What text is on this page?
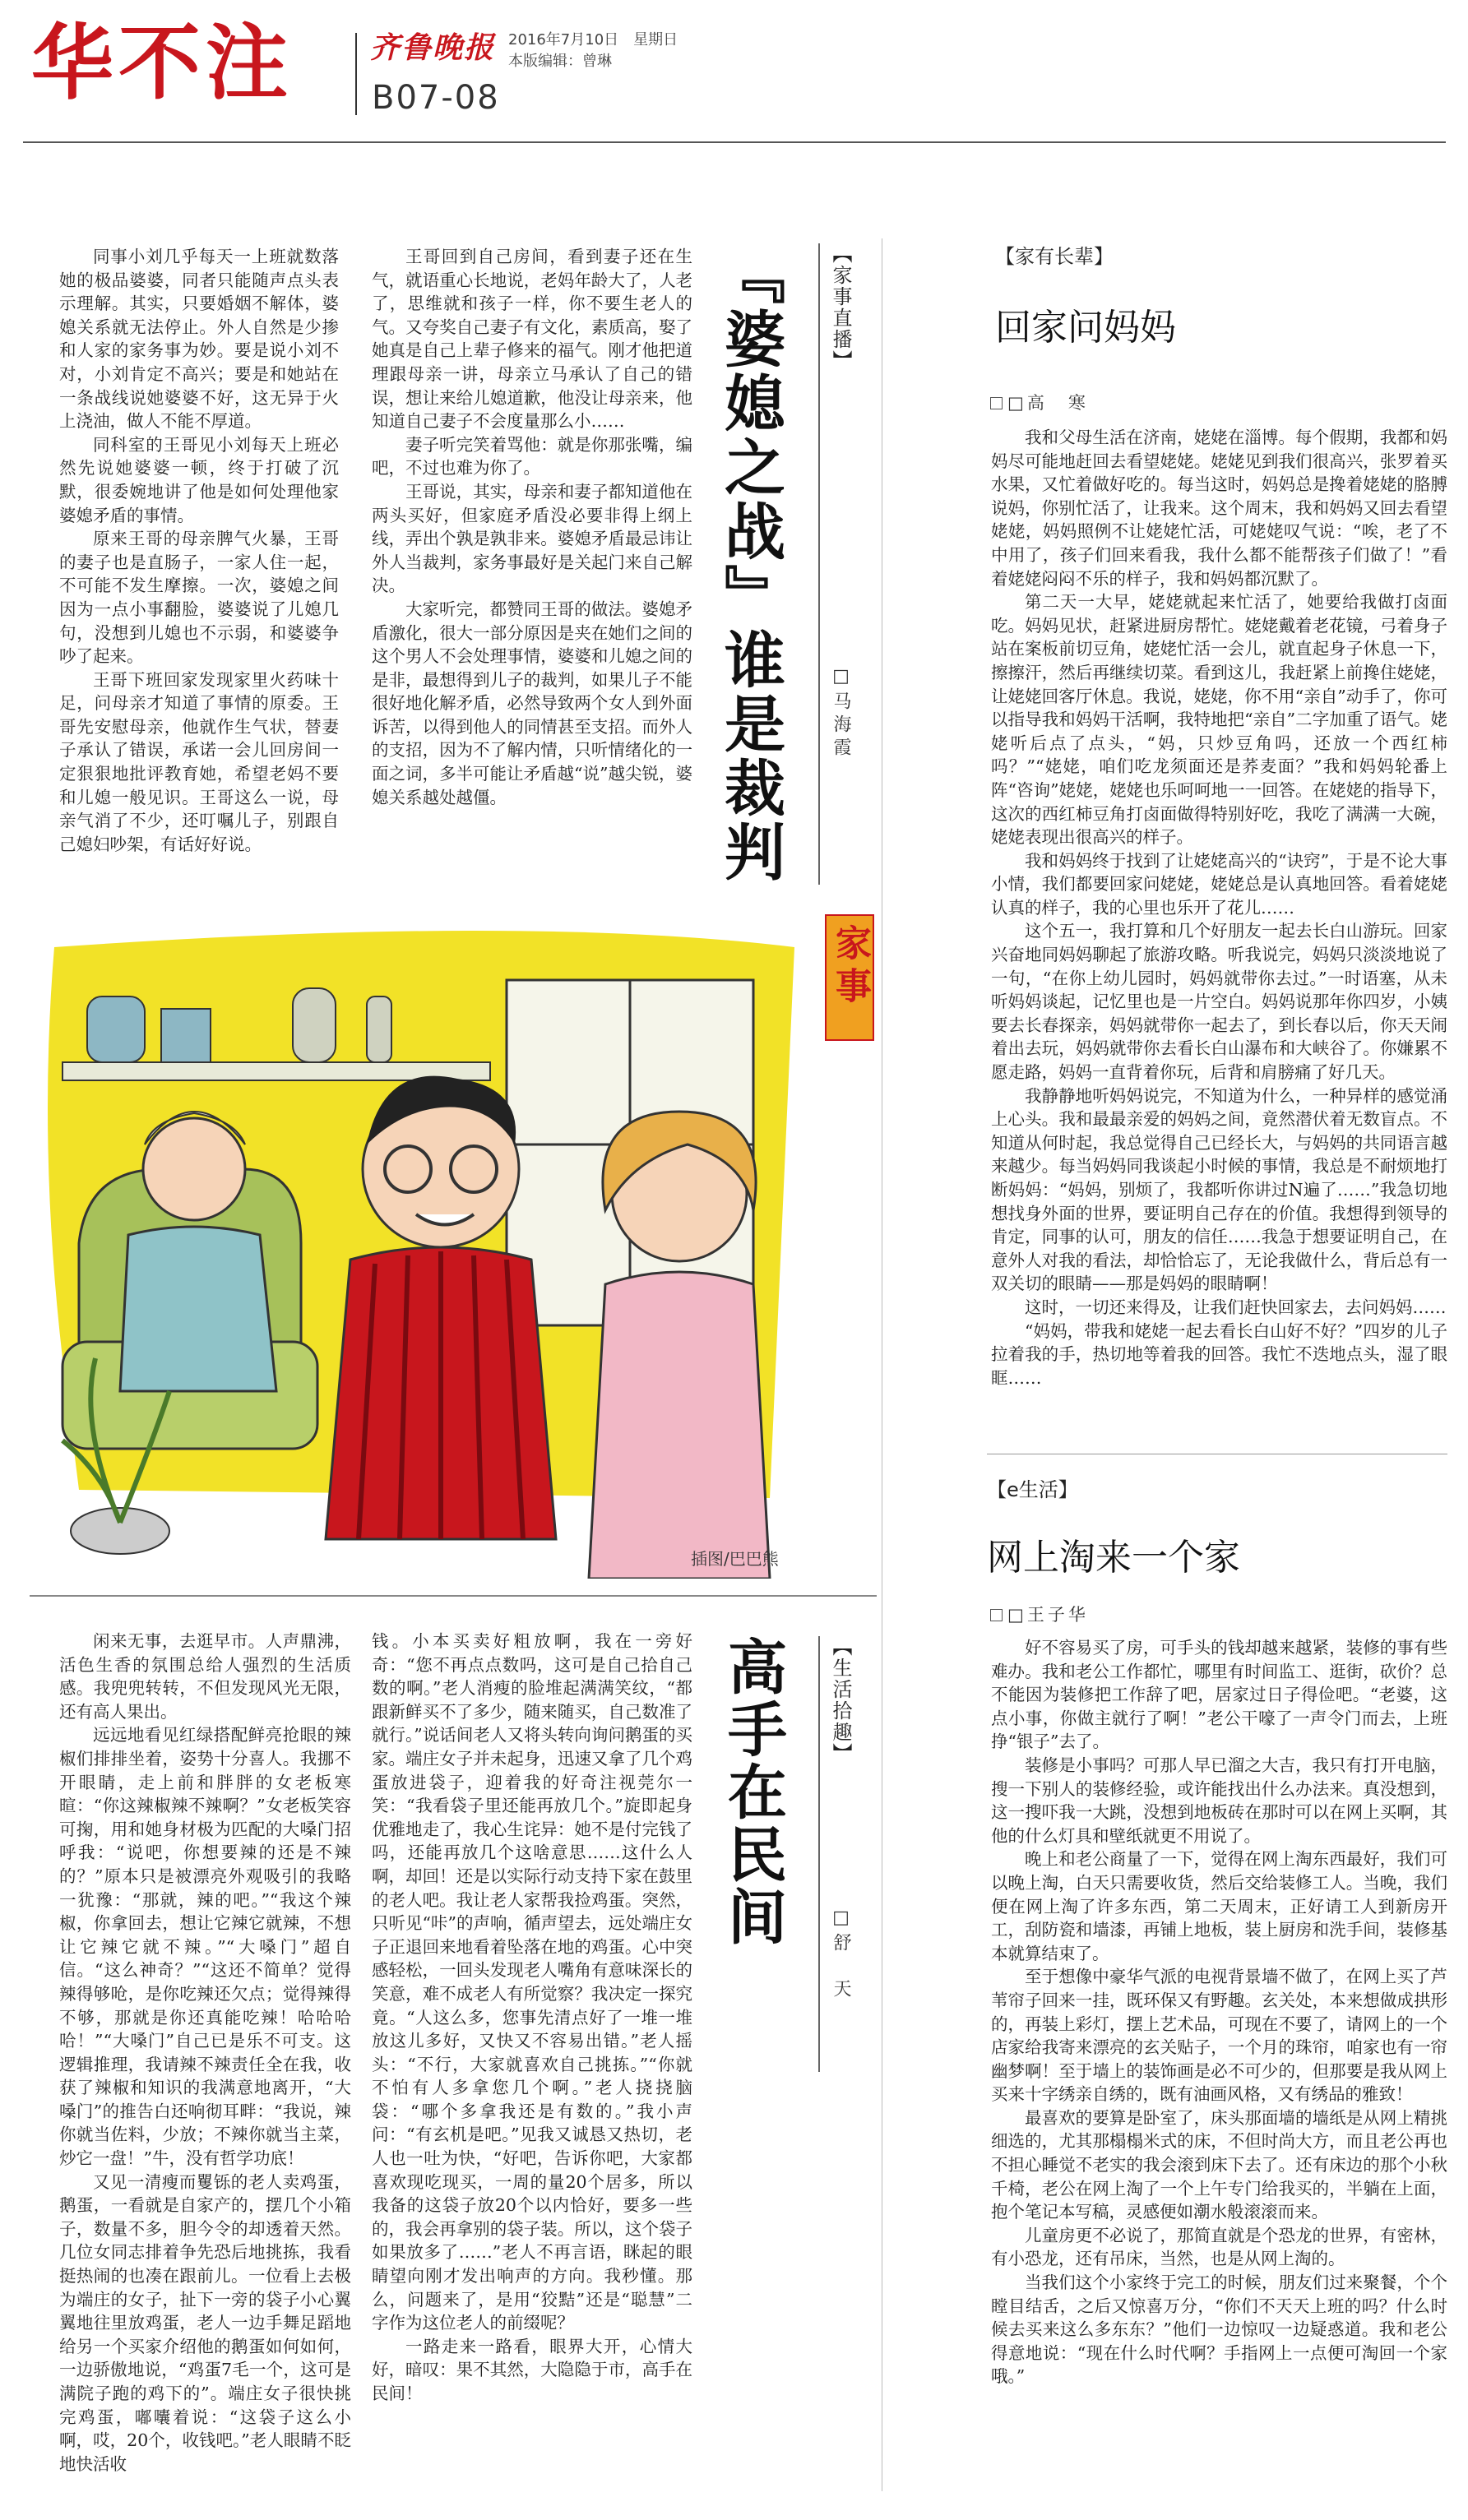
华不注	齐鲁晚报 2016年7月10日　星期日
本版编辑：曾琳
B07-08

同事小刘几乎每天一上班就数落她的极品婆婆，同者只能随声点头表示理解。其实，只要婚姻不解体，婆媳关系就无法停止。外人自然是少掺和人家的家务事为妙。要是说小刘不对，小刘肯定不高兴；要是和她站在一条战线说她婆婆不好，这无异于火上浇油，做人不能不厚道。

同科室的王哥见小刘每天上班必然先说她婆婆一顿，终于打破了沉默，很委婉地讲了他是如何处理他家婆媳矛盾的事情。

原来王哥的母亲脾气火暴，王哥的妻子也是直肠子，一家人住一起，不可能不发生摩擦。一次，婆媳之间因为一点小事翻脸，婆婆说了儿媳几句，没想到儿媳也不示弱，和婆婆争吵了起来。

王哥下班回家发现家里火药味十足，问母亲才知道了事情的原委。王哥先安慰母亲，他就作生气状，替妻子承认了错误，承诺一会儿回房间一定狠狠地批评教育她，希望老妈不要和儿媳一般见识。王哥这么一说，母亲气消了不少，还叮嘱儿子，别跟自己媳妇吵架，有话好好说。

王哥回到自己房间，看到妻子还在生气，就语重心长地说，老妈年龄大了，人老了，思维就和孩子一样，你不要生老人的气。又夸奖自己妻子有文化，素质高，娶了她真是自己上辈子修来的福气。刚才他把道理跟母亲一讲，母亲立马承认了自己的错误，想让来给儿媳道歉，他没让母亲来，他知道自己妻子不会度量那么小……

妻子听完笑着骂他：就是你那张嘴，编吧，不过也难为你了。

王哥说，其实，母亲和妻子都知道他在两头买好，但家庭矛盾没必要非得上纲上线，弄出个孰是孰非来。婆媳矛盾最忌讳让外人当裁判，家务事最好是关起门来自己解决。

大家听完，都赞同王哥的做法。婆媳矛盾激化，很大一部分原因是夹在她们之间的这个男人不会处理事情，婆婆和儿媳之间的是非，最想得到儿子的裁判，如果儿子不能很好地化解矛盾，必然导致两个女人到外面诉苦，以得到他人的同情甚至支招。而外人的支招，因为不了解内情，只听情绪化的一面之词，多半可能让矛盾越“说”越尖锐，婆媳关系越处越僵。	『婆媳之战』谁是裁判 【家事直播】
□马海霞
插图/巴巴熊
家事

闲来无事，去逛早市。人声鼎沸，活色生香的氛围总给人强烈的生活质感。我兜兜转转，不但发现风光无限，还有高人果出。

远远地看见红绿搭配鲜亮抢眼的辣椒们排排坐着，姿势十分喜人。我挪不开眼睛，走上前和胖胖的女老板寒暄：“你这辣椒辣不辣啊？”女老板笑容可掬，用和她身材极为匹配的大嗓门招呼我：“说吧，你想要辣的还是不辣的？”原本只是被漂亮外观吸引的我略一犹豫：“那就，辣的吧。”“我这个辣椒，你拿回去，想让它辣它就辣，不想让它辣它就不辣。”“大嗓门”超自信。“这么神奇？”“这还不简单？觉得辣得够呛，是你吃辣还欠点；觉得辣得不够，那就是你还真能吃辣！哈哈哈哈！”“大嗓门”自己已是乐不可支。这逻辑推理，我请辣不辣责任全在我，收获了辣椒和知识的我满意地离开，“大嗓门”的推告白还响彻耳畔：“我说，辣你就当佐料，少放；不辣你就当主菜，炒它一盘！”牛，没有哲学功底！

又见一清瘦而矍铄的老人卖鸡蛋，鹅蛋，一看就是自家产的，摆几个小箱子，数量不多，胆今令的却透着天然。几位女同志排着争先恐后地挑拣，我看挺热闹的也凑在跟前儿。一位看上去极为端庄的女子，扯下一旁的袋子小心翼翼地往里放鸡蛋，老人一边手舞足蹈地给另一个买家介绍他的鹅蛋如何如何，一边骄傲地说，“鸡蛋7毛一个，这可是满院子跑的鸡下的”。端庄女子很快挑完鸡蛋，嘟囔着说：“这袋子这么小啊，哎，20个，收钱吧。”老人眼睛不眨地快活收

钱。小本买卖好粗放啊，我在一旁好奇：“您不再点点数吗，这可是自己拾自己数的啊。”老人消瘦的脸堆起满满笑纹，“都跟新鲜买不了多少，随来随买，自己数准了就行。”说话间老人又将头转向询问鹅蛋的买家。端庄女子并未起身，迅速又拿了几个鸡蛋放进袋子，迎着我的好奇注视莞尔一笑：“我看袋子里还能再放几个。”旋即起身优雅地走了，我心生诧异：她不是付完钱了吗，还能再放几个这啥意思……这什么人啊，却回！还是以实际行动支持下家在鼓里的老人吧。我让老人家帮我捡鸡蛋。突然，只听见“咔”的声响，循声望去，远处端庄女子正退回来地看着坠落在地的鸡蛋。心中突感轻松，一回头发现老人嘴角有意味深长的笑意，难不成老人有所觉察？我决定一探究竟。“人这么多，您事先清点好了一堆一堆放这儿多好，又快又不容易出错。”老人摇头：“不行，大家就喜欢自己挑拣。”“你就不怕有人多拿您几个啊。”老人挠挠脑袋：“哪个多拿我还是有数的。”我小声问：“有玄机是吧。”见我又诚恳又热切，老人也一吐为快，“好吧，告诉你吧，大家都喜欢现吃现买，一周的量20个居多，所以我备的这袋子放20个以内恰好，要多一些的，我会再拿别的袋子装。所以，这个袋子如果放多了……”老人不再言语，眯起的眼睛望向刚才发出响声的方向。我秒懂。那么，问题来了，是用“狡黠”还是“聪慧”二字作为这位老人的前缀呢？

一路走来一路看，眼界大开，心情大好，暗叹：果不其然，大隐隐于市，高手在民间！

高手在民间 【生活拾趣】
□舒　天
【家有长辈】
回家问妈妈
□高　寒

我和父母生活在济南，姥姥在淄博。每个假期，我都和妈妈尽可能地赶回去看望姥姥。姥姥见到我们很高兴，张罗着买水果，又忙着做好吃的。每当这时，妈妈总是搀着姥姥的胳膊说妈，你别忙活了，让我来。这个周末，我和妈妈又回去看望姥姥，妈妈照例不让姥姥忙活，可姥姥叹气说：“唉，老了不中用了，孩子们回来看我，我什么都不能帮孩子们做了！”看着姥姥闷闷不乐的样子，我和妈妈都沉默了。

第二天一大早，姥姥就起来忙活了，她要给我做打卤面吃。妈妈见状，赶紧进厨房帮忙。姥姥戴着老花镜，弓着身子站在案板前切豆角，姥姥忙活一会儿，就直起身子休息一下，擦擦汗，然后再继续切菜。看到这儿，我赶紧上前搀住姥姥，让姥姥回客厅休息。我说，姥姥，你不用“亲自”动手了，你可以指导我和妈妈干活啊，我特地把“亲自”二字加重了语气。姥姥听后点了点头，“妈，只炒豆角吗，还放一个西红柿吗？”“姥姥，咱们吃龙须面还是荞麦面？”我和妈妈轮番上阵“咨询”姥姥，姥姥也乐呵呵地一一回答。在姥姥的指导下，这次的西红柿豆角打卤面做得特别好吃，我吃了满满一大碗，姥姥表现出很高兴的样子。

我和妈妈终于找到了让姥姥高兴的“诀窍”，于是不论大事小情，我们都要回家问姥姥，姥姥总是认真地回答。看着姥姥认真的样子，我的心里也乐开了花儿……

这个五一，我打算和几个好朋友一起去长白山游玩。回家兴奋地同妈妈聊起了旅游攻略。听我说完，妈妈只淡淡地说了一句，“在你上幼儿园时，妈妈就带你去过。”一时语塞，从未听妈妈谈起，记忆里也是一片空白。妈妈说那年你四岁，小姨要去长春探亲，妈妈就带你一起去了，到长春以后，你天天闹着出去玩，妈妈就带你去看长白山瀑布和大峡谷了。你嫌累不愿走路，妈妈一直背着你玩，后背和肩膀痛了好几天。

我静静地听妈妈说完，不知道为什么，一种异样的感觉涌上心头。我和最最亲爱的妈妈之间，竟然潜伏着无数盲点。不知道从何时起，我总觉得自己已经长大，与妈妈的共同语言越来越少。每当妈妈同我谈起小时候的事情，我总是不耐烦地打断妈妈：“妈妈，别烦了，我都听你讲过N遍了……”我急切地想找身外面的世界，要证明自己存在的价值。我想得到领导的肯定，同事的认可，朋友的信任……我急于想要证明自己，在意外人对我的看法，却恰恰忘了，无论我做什么，背后总有一双关切的眼睛——那是妈妈的眼睛啊！

这时，一切还来得及，让我们赶快回家去，去问妈妈……

“妈妈，带我和姥姥一起去看长白山好不好？”四岁的儿子拉着我的手，热切地等着我的回答。我忙不迭地点头，湿了眼眶……

【e生活】
网上淘来一个家
□王子华

好不容易买了房，可手头的钱却越来越紧，装修的事有些难办。我和老公工作都忙，哪里有时间监工、逛街，砍价？总不能因为装修把工作辞了吧，居家过日子得俭吧。“老婆，这点小事，你做主就行了啊！”老公干嚎了一声令门而去，上班挣“银子”去了。

装修是小事吗？可那人早已溜之大吉，我只有打开电脑，搜一下别人的装修经验，或许能找出什么办法来。真没想到，这一搜吓我一大跳，没想到地板砖在那时可以在网上买啊，其他的什么灯具和壁纸就更不用说了。

晚上和老公商量了一下，觉得在网上淘东西最好，我们可以晚上淘，白天只需要收货，然后交给装修工人。当晚，我们便在网上淘了许多东西，第二天周末，正好请工人到新房开工，刮防瓷和墙漆，再铺上地板，装上厨房和洗手间，装修基本就算结束了。

至于想像中豪华气派的电视背景墙不做了，在网上买了芦苇帘子回来一挂，既环保又有野趣。玄关处，本来想做成拱形的，再装上彩灯，摆上艺术品，可现在不要了，请网上的一个店家给我寄来漂亮的玄关贴子，一个月的珠帘，咱家也有一帘幽梦啊！至于墙上的装饰画是必不可少的，但那要是我从网上买来十字绣亲自绣的，既有油画风格，又有绣品的雅致！

最喜欢的要算是卧室了，床头那面墙的墙纸是从网上精挑细选的，尤其那榻榻米式的床，不但时尚大方，而且老公再也不担心睡觉不老实的我会滚到床下去了。还有床边的那个小秋千椅，老公在网上淘了一个上午专门给我买的，半躺在上面，抱个笔记本写稿，灵感便如潮水般滚滚而来。

儿童房更不必说了，那简直就是个恐龙的世界，有密林，有小恐龙，还有吊床，当然，也是从网上淘的。

当我们这个小家终于完工的时候，朋友们过来聚餐，个个瞠目结舌，之后又惊喜万分，“你们不天天上班的吗？什么时候去买来这么多东东？”他们一边惊叹一边疑惑道。我和老公得意地说：“现在什么时代啊？手指网上一点便可淘回一个家哦。”
